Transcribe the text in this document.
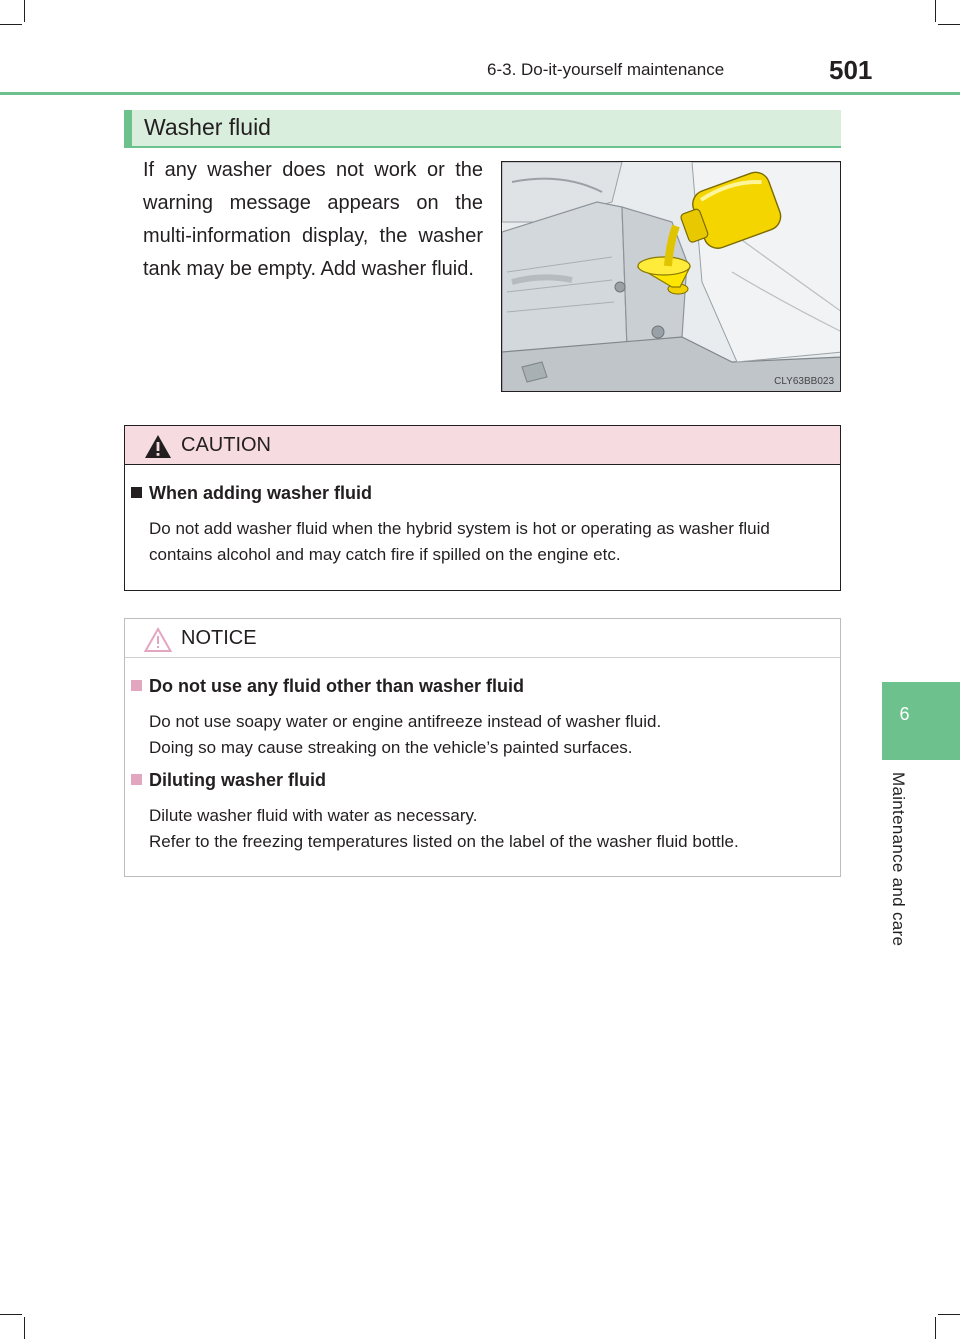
6-3. Do-it-yourself maintenance	501
6
Maintenance and care
Washer fluid
If any washer does not work or the warning message appears on the multi-information display, the washer tank may be empty. Add washer fluid.
CLY63BB023
CAUTION
When adding washer fluid
Do not add washer fluid when the hybrid system is hot or operating as washer fluid
contains alcohol and may catch fire if spilled on the engine etc.
NOTICE
Do not use any fluid other than washer fluid
Do not use soapy water or engine antifreeze instead of washer fluid.
Doing so may cause streaking on the vehicle’s painted surfaces.
Diluting washer fluid
Dilute washer fluid with water as necessary.
Refer to the freezing temperatures listed on the label of the washer fluid bottle.
